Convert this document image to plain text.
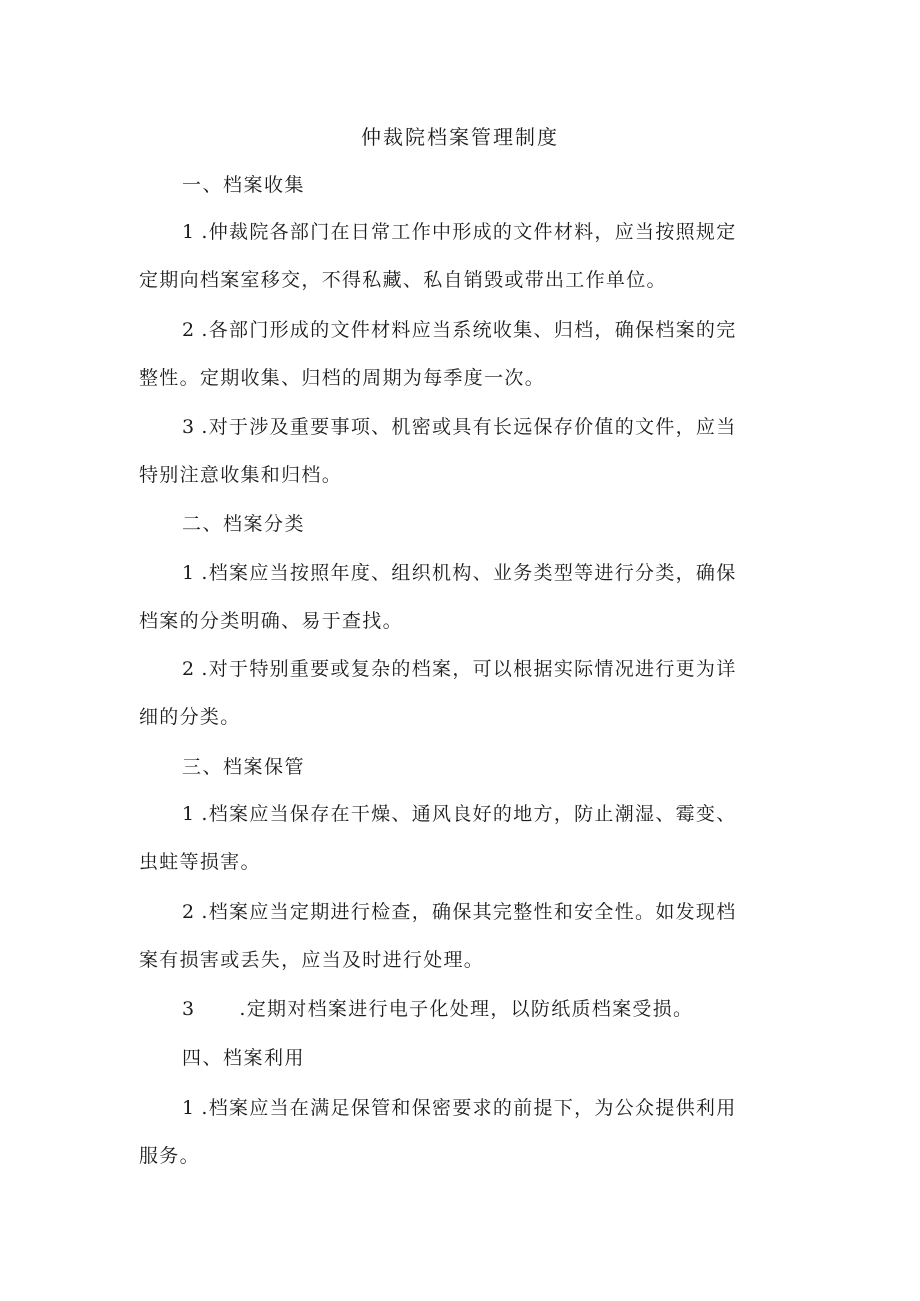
仲裁院档案管理制度
一、档案收集
1 .仲裁院各部门在日常工作中形成的文件材料，应当按照规定
定期向档案室移交，不得私藏、私自销毁或带出工作单位。
2 .各部门形成的文件材料应当系统收集、归档，确保档案的完
整性。定期收集、归档的周期为每季度一次。
3 .对于涉及重要事项、机密或具有长远保存价值的文件，应当
特别注意收集和归档。
二、档案分类
1 .档案应当按照年度、组织机构、业务类型等进行分类，确保
档案的分类明确、易于查找。
2 .对于特别重要或复杂的档案，可以根据实际情况进行更为详
细的分类。
三、档案保管
1 .档案应当保存在干燥、通风良好的地方，防止潮湿、霉变、
虫蛀等损害。
2 .档案应当定期进行检查，确保其完整性和安全性。如发现档
案有损害或丢失，应当及时进行处理。
3 .定期对档案进行电子化处理，以防纸质档案受损。
四、档案利用
1 .档案应当在满足保管和保密要求的前提下，为公众提供利用
服务。
